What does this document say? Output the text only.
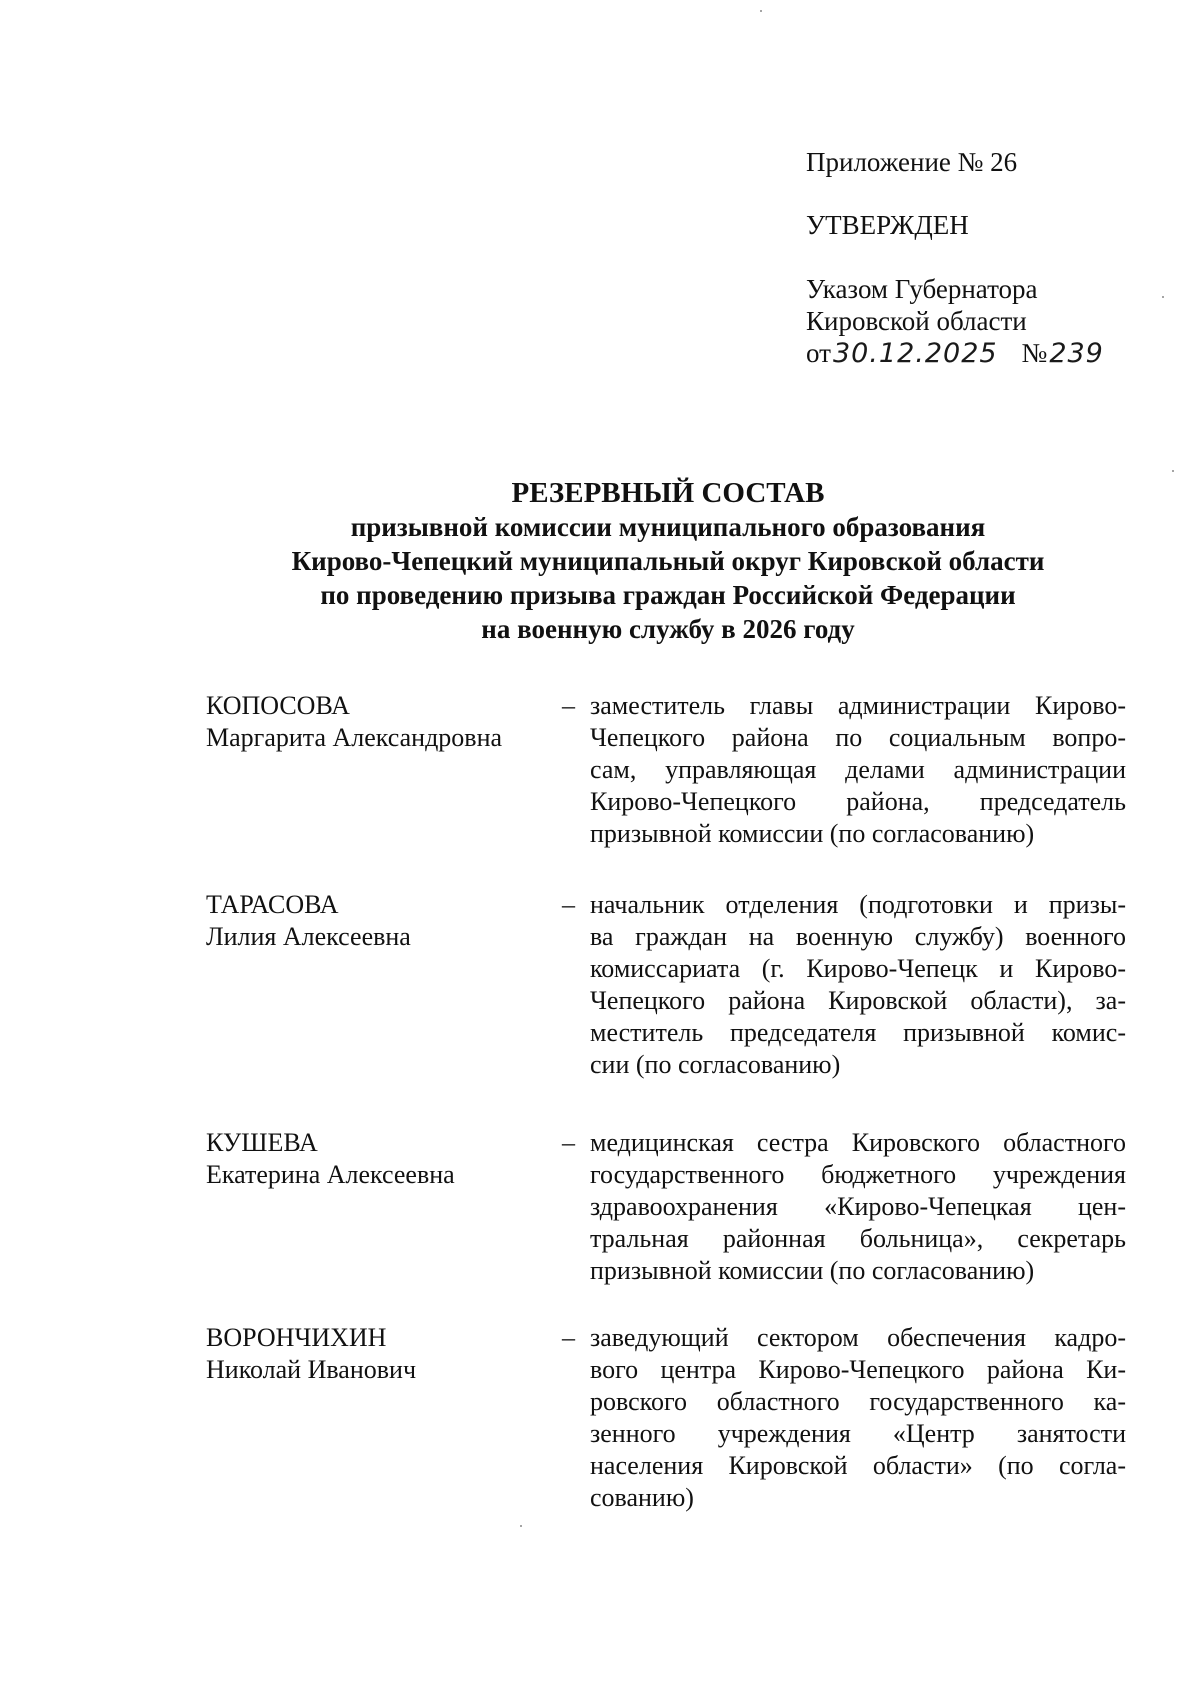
Приложение № 26
УТВЕРЖДЕН
Указом Губернатора
Кировской области
от30.12.2025 №239
РЕЗЕРВНЫЙ СОСТАВ
призывной комиссии муниципального образования
Кирово-Чепецкий муниципальный округ Кировской области
по проведению призыва граждан Российской Федерации
на военную службу в 2026 году
КОПОСОВА
Маргарита Александровна
– заместитель главы администрации Кирово-
Чепецкого района по социальным вопро-
сам, управляющая делами администрации
Кирово-Чепецкого района, председатель
призывной комиссии (по согласованию)
ТАРАСОВА
Лилия Алексеевна
– начальник отделения (подготовки и призы-
ва граждан на военную службу) военного
комиссариата (г. Кирово-Чепецк и Кирово-
Чепецкого района Кировской области), за-
меститель председателя призывной комис-
сии (по согласованию)
КУШЕВА
Екатерина Алексеевна
– медицинская сестра Кировского областного
государственного бюджетного учреждения
здравоохранения «Кирово-Чепецкая цен-
тральная районная больница», секретарь
призывной комиссии (по согласованию)
ВОРОНЧИХИН
Николай Иванович
– заведующий сектором обеспечения кадро-
вого центра Кирово-Чепецкого района Ки-
ровского областного государственного ка-
зенного учреждения «Центр занятости
населения Кировской области» (по согла-
сованию)
